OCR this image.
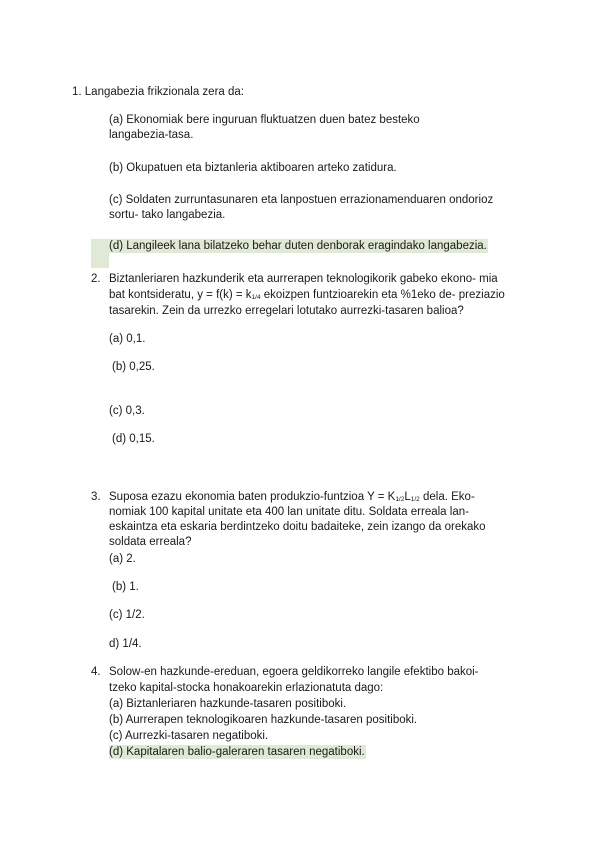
1. Langabezia frikzionala zera da:
(a) Ekonomiak bere inguruan fluktuatzen duen batez besteko
langabezia-tasa.
(b) Okupatuen eta biztanleria aktiboaren arteko zatidura.
(c) Soldaten zurruntasunaren eta lanpostuen errazionamenduaren ondorioz
sortu- tako langabezia.
(d) Langileek lana bilatzeko behar duten denborak eragindako langabezia.
2. Biztanleriaren hazkunderik eta aurrerapen teknologikorik gabeko ekono- mia
bat kontsideratu, $y = f(k) = k_{1/4}$ ekoizpen funtzioarekin eta %1eko de- preziazio
tasarekin. Zein da urrezko erregelari lotutako aurrezki-tasaren balioa?
(a) 0,1.
(b) 0,25.
(c) 0,3.
(d) 0,15.
3. Suposa ezazu ekonomia baten produkzio-funtzioa $Y = K_{1/2}L_{1/2}$ dela. Eko-
nomiak 100 kapital unitate eta 400 lan unitate ditu. Soldata erreala lan-
eskaintza eta eskaria berdintzeko doitu badaiteke, zein izango da orekako
soldata erreala?
(a) 2.
(b) 1.
(c) 1/2.
d) 1/4.
4. Solow-en hazkunde-ereduan, egoera geldikorreko langile efektibo bakoi-
tzeko kapital-stocka honakoarekin erlazionatuta dago:
(a) Biztanleriaren hazkunde-tasaren positiboki.
(b) Aurrerapen teknologikoaren hazkunde-tasaren positiboki.
(c) Aurrezki-tasaren negatiboki.
(d) Kapitalaren balio-galeraren tasaren negatiboki.
